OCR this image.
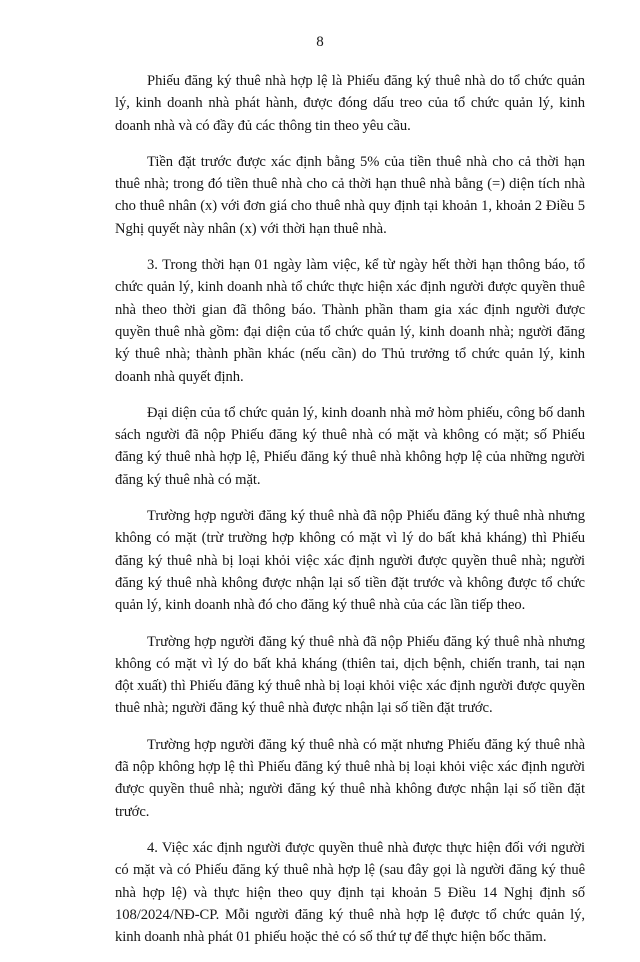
8

Phiếu đăng ký thuê nhà hợp lệ là Phiếu đăng ký thuê nhà do tổ chức quản lý, kinh doanh nhà phát hành, được đóng dấu treo của tổ chức quản lý, kinh doanh nhà và có đầy đủ các thông tin theo yêu cầu.

Tiền đặt trước được xác định bằng 5% của tiền thuê nhà cho cả thời hạn thuê nhà; trong đó tiền thuê nhà cho cả thời hạn thuê nhà bằng (=) diện tích nhà cho thuê nhân (x) với đơn giá cho thuê nhà quy định tại khoản 1, khoản 2 Điều 5 Nghị quyết này nhân (x) với thời hạn thuê nhà.

3. Trong thời hạn 01 ngày làm việc, kể từ ngày hết thời hạn thông báo, tổ chức quản lý, kinh doanh nhà tổ chức thực hiện xác định người được quyền thuê nhà theo thời gian đã thông báo. Thành phần tham gia xác định người được quyền thuê nhà gồm: đại diện của tổ chức quản lý, kinh doanh nhà; người đăng ký thuê nhà; thành phần khác (nếu cần) do Thủ trưởng tổ chức quản lý, kinh doanh nhà quyết định.

Đại diện của tổ chức quản lý, kinh doanh nhà mở hòm phiếu, công bố danh sách người đã nộp Phiếu đăng ký thuê nhà có mặt và không có mặt; số Phiếu đăng ký thuê nhà hợp lệ, Phiếu đăng ký thuê nhà không hợp lệ của những người đăng ký thuê nhà có mặt.

Trường hợp người đăng ký thuê nhà đã nộp Phiếu đăng ký thuê nhà nhưng không có mặt (trừ trường hợp không có mặt vì lý do bất khả kháng) thì Phiếu đăng ký thuê nhà bị loại khỏi việc xác định người được quyền thuê nhà; người đăng ký thuê nhà không được nhận lại số tiền đặt trước và không được tổ chức quản lý, kinh doanh nhà đó cho đăng ký thuê nhà của các lần tiếp theo.

Trường hợp người đăng ký thuê nhà đã nộp Phiếu đăng ký thuê nhà nhưng không có mặt vì lý do bất khả kháng (thiên tai, dịch bệnh, chiến tranh, tai nạn đột xuất) thì Phiếu đăng ký thuê nhà bị loại khỏi việc xác định người được quyền thuê nhà; người đăng ký thuê nhà được nhận lại số tiền đặt trước.

Trường hợp người đăng ký thuê nhà có mặt nhưng Phiếu đăng ký thuê nhà đã nộp không hợp lệ thì Phiếu đăng ký thuê nhà bị loại khỏi việc xác định người được quyền thuê nhà; người đăng ký thuê nhà không được nhận lại số tiền đặt trước.

4. Việc xác định người được quyền thuê nhà được thực hiện đối với người có mặt và có Phiếu đăng ký thuê nhà hợp lệ (sau đây gọi là người đăng ký thuê nhà hợp lệ) và thực hiện theo quy định tại khoản 5 Điều 14 Nghị định số 108/2024/NĐ-CP. Mỗi người đăng ký thuê nhà hợp lệ được tổ chức quản lý, kinh doanh nhà phát 01 phiếu hoặc thẻ có số thứ tự để thực hiện bốc thăm.
